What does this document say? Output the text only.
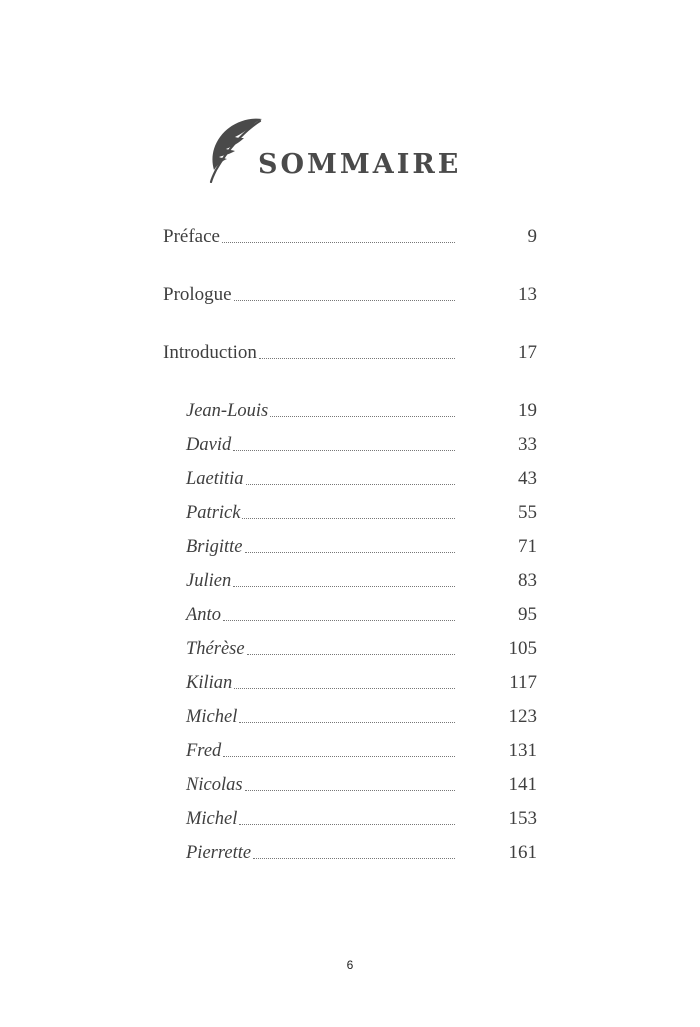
SOMMAIRE
Préface	9
Prologue	13
Introduction	17
Jean-Louis	19
David	33
Laetitia	43
Patrick	55
Brigitte	71
Julien	83
Anto	95
Thérèse	105
Kilian	117
Michel	123
Fred	131
Nicolas	141
Michel	153
Pierrette	161
6
